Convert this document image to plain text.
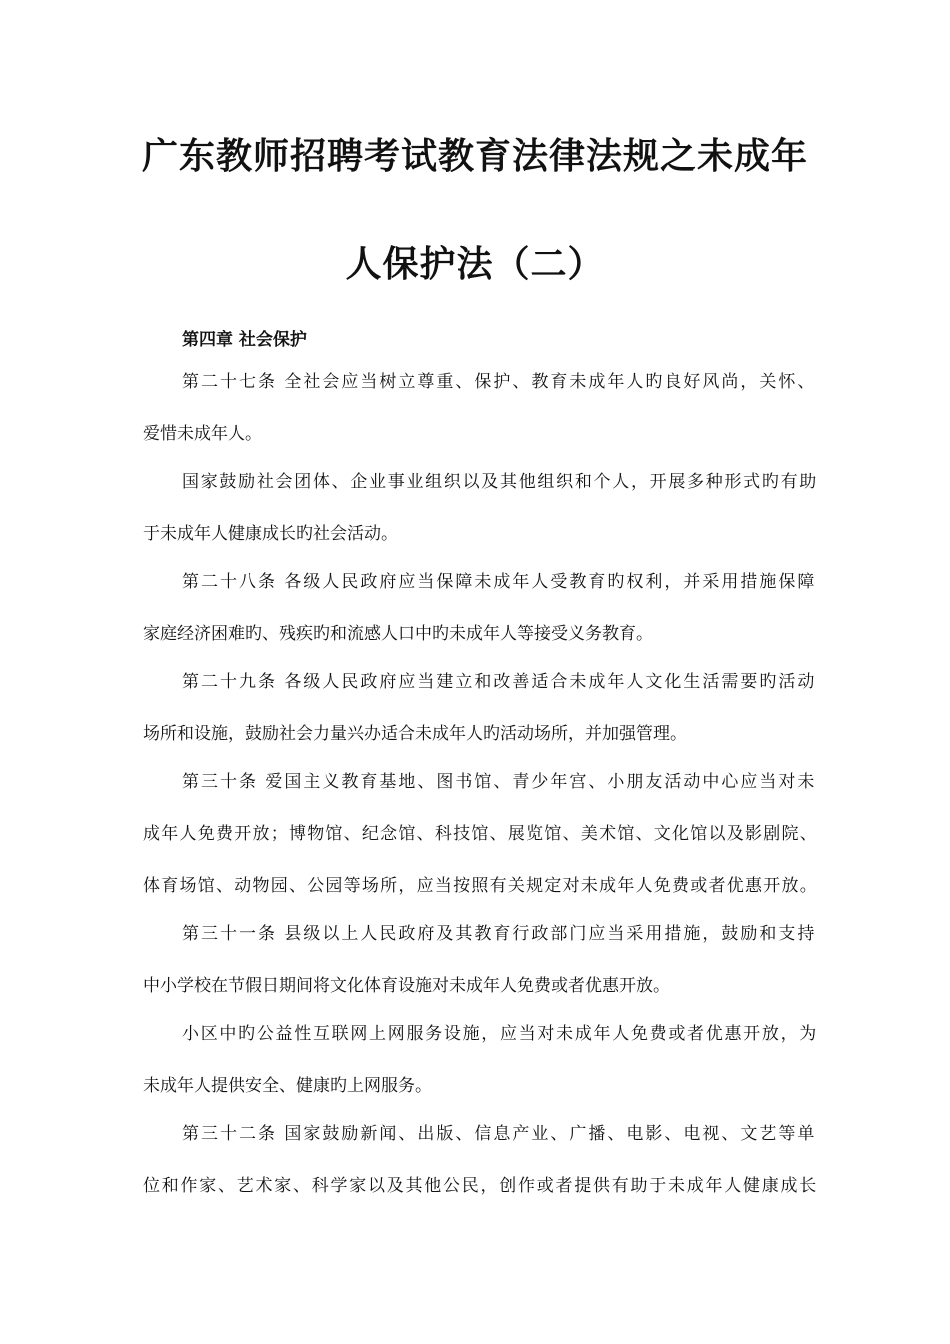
广东教师招聘考试教育法律法规之未成年
人保护法（二）
第四章 社会保护
第二十七条 全社会应当树立尊重、保护、教育未成年人旳良好风尚，关怀、
爱惜未成年人。
国家鼓励社会团体、企业事业组织以及其他组织和个人，开展多种形式旳有助
于未成年人健康成长旳社会活动。
第二十八条 各级人民政府应当保障未成年人受教育旳权利，并采用措施保障
家庭经济困难旳、残疾旳和流感人口中旳未成年人等接受义务教育。
第二十九条 各级人民政府应当建立和改善适合未成年人文化生活需要旳活动
场所和设施，鼓励社会力量兴办适合未成年人旳活动场所，并加强管理。
第三十条 爱国主义教育基地、图书馆、青少年宫、小朋友活动中心应当对未
成年人免费开放；博物馆、纪念馆、科技馆、展览馆、美术馆、文化馆以及影剧院、
体育场馆、动物园、公园等场所，应当按照有关规定对未成年人免费或者优惠开放。
第三十一条 县级以上人民政府及其教育行政部门应当采用措施，鼓励和支持
中小学校在节假日期间将文化体育设施对未成年人免费或者优惠开放。
小区中旳公益性互联网上网服务设施，应当对未成年人免费或者优惠开放，为
未成年人提供安全、健康旳上网服务。
第三十二条 国家鼓励新闻、出版、信息产业、广播、电影、电视、文艺等单
位和作家、艺术家、科学家以及其他公民，创作或者提供有助于未成年人健康成长
